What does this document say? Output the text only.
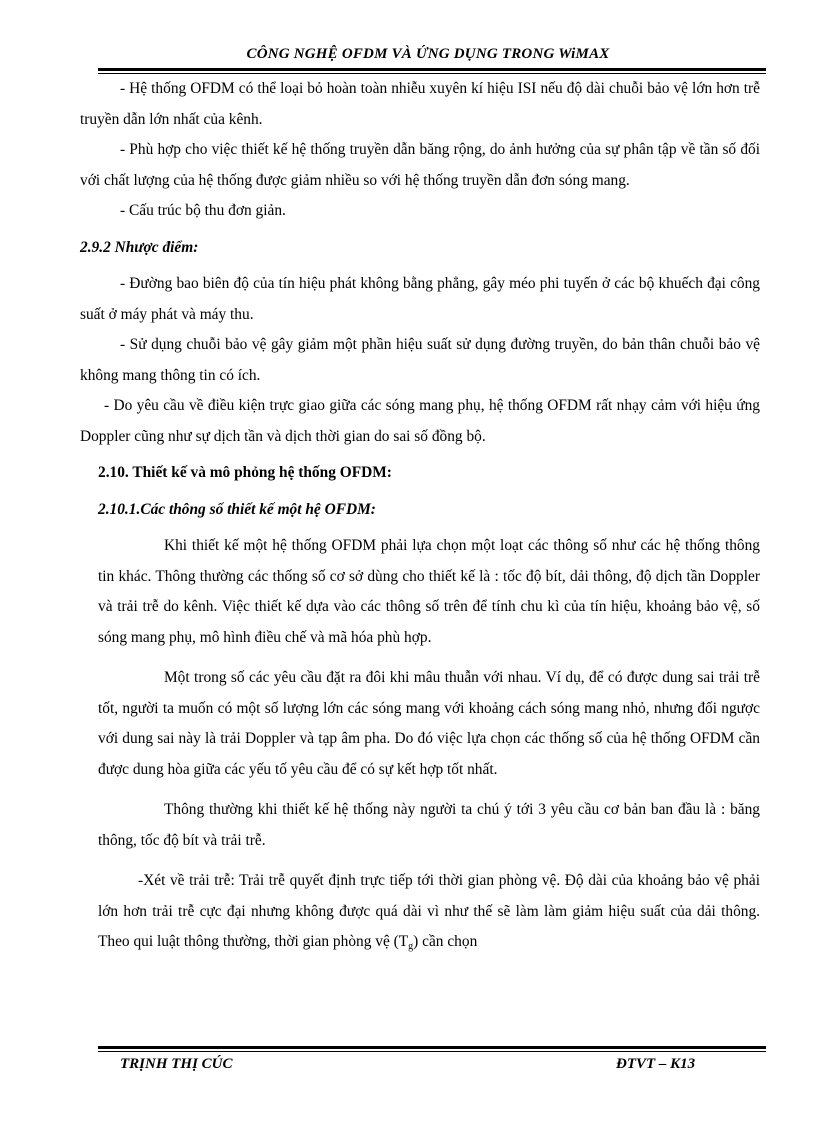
CÔNG NGHỆ OFDM VÀ ỨNG DỤNG TRONG WiMAX

- Hệ thống OFDM có thể loại bỏ hoàn toàn nhiễu xuyên kí hiệu ISI nếu độ dài chuỗi bảo vệ lớn hơn trễ truyền dẫn lớn nhất của kênh.

- Phù hợp cho việc thiết kế hệ thống truyền dẫn băng rộng, do ảnh hưởng của sự phân tập về tần số đối với chất lượng của hệ thống được giảm nhiều so với hệ thống truyền dẫn đơn sóng mang.

- Cấu trúc bộ thu đơn giản.

2.9.2 Nhược điểm:

- Đường bao biên độ của tín hiệu phát không bằng phẳng, gây méo phi tuyến ở các bộ khuếch đại công suất ở máy phát và máy thu.

- Sử dụng chuỗi bảo vệ gây giảm một phần hiệu suất sử dụng đường truyền, do bản thân chuỗi bảo vệ không mang thông tin có ích.

- Do yêu cầu về điều kiện trực giao giữa các sóng mang phụ, hệ thống OFDM rất nhạy cảm với hiệu ứng Doppler cũng như sự dịch tần và dịch thời gian do sai số đồng bộ.

2.10. Thiết kế và mô phỏng hệ thống OFDM:

2.10.1.Các thông số thiết kế một hệ OFDM:

Khi thiết kế một hệ thống OFDM phải lựa chọn một loạt các thông số như các hệ thống thông tin khác. Thông thường các thống số cơ sở dùng cho thiết kế là : tốc độ bít, dải thông, độ dịch tần Doppler và trải trễ do kênh. Việc thiết kế dựa vào các thông số trên để tính chu kì của tín hiệu, khoảng bảo vệ, số sóng mang phụ, mô hình điều chế và mã hóa phù hợp.

Một trong số các yêu cầu đặt ra đôi khi mâu thuẫn với nhau. Ví dụ, để có được dung sai trải trễ tốt, người ta muốn có một số lượng lớn các sóng mang với khoảng cách sóng mang nhỏ, nhưng đối ngược với dung sai này là trải Doppler và tạp âm pha. Do đó việc lựa chọn các thống số của hệ thống OFDM cần được dung hòa giữa các yếu tố yêu cầu để có sự kết hợp tốt nhất.

Thông thường khi thiết kế hệ thống này người ta chú ý tới 3 yêu cầu cơ bản ban đầu là : băng thông, tốc độ bít và trải trễ.

-Xét về trải trễ: Trải trễ quyết định trực tiếp tới thời gian phòng vệ. Độ dài của khoảng bảo vệ phải lớn hơn trải trễ cực đại nhưng không được quá dài vì như thế sẽ làm làm giảm hiệu suất của dải thông. Theo qui luật thông thường, thời gian phòng vệ $(T_g)$ cần chọn

TRỊNH THỊ CÚC	ĐTVT – K13
